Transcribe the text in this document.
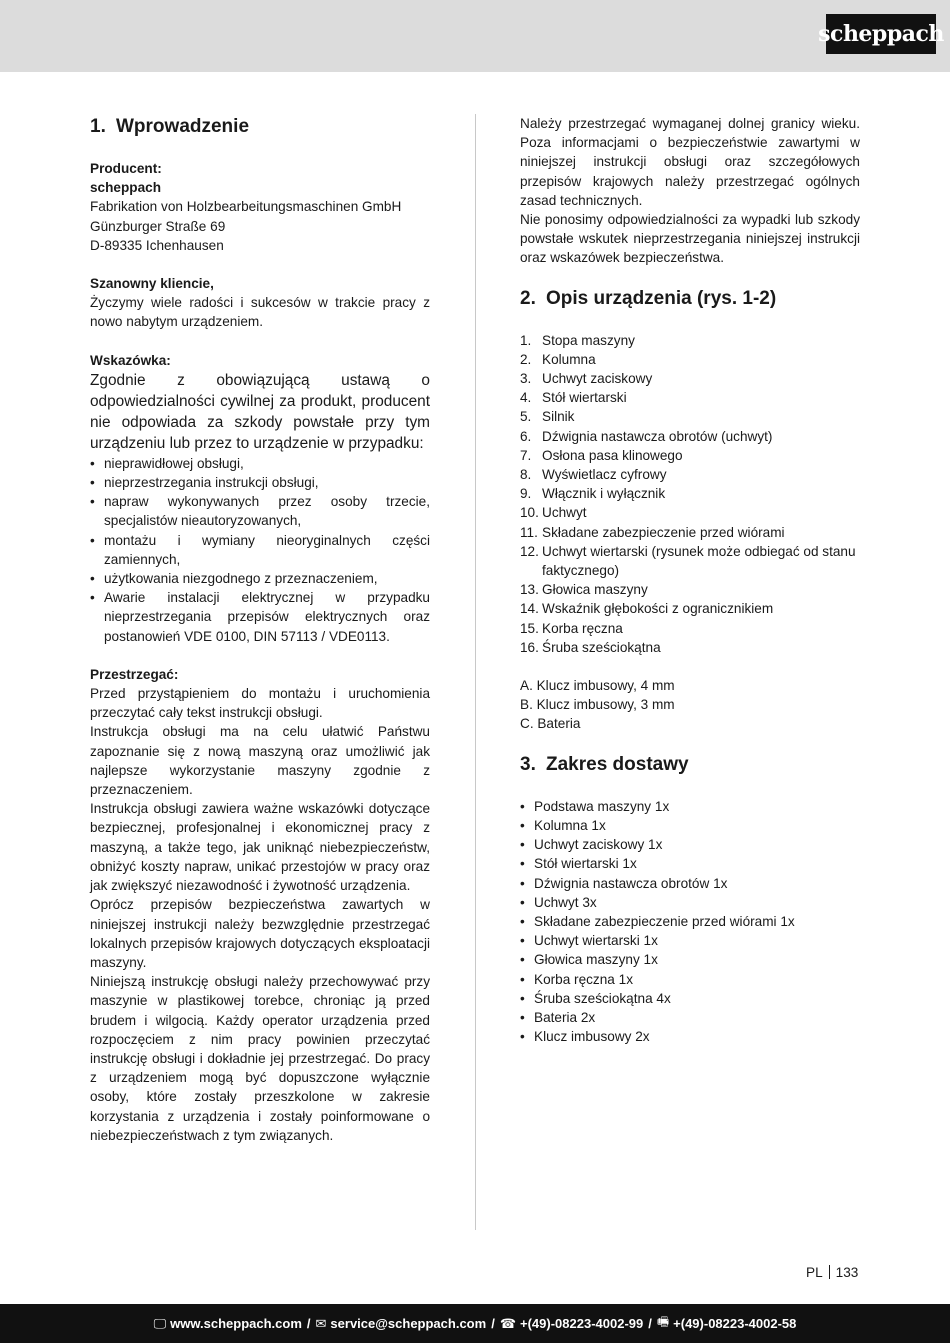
scheppach
1. Wprowadzenie

Producent:

scheppach

Fabrikation von Holzbearbeitungsmaschinen GmbH

Günzburger Straße 69

D-89335 Ichenhausen

Szanowny kliencie,

Życzymy wiele radości i sukcesów w trakcie pracy z nowo nabytym urządzeniem.

Wskazówka:

Zgodnie z obowiązującą ustawą o odpowiedzialności cywilnej za produkt, producent nie odpowiada za szkody powstałe przy tym urządzeniu lub przez to urządzenie w przypadku:

• nieprawidłowej obsługi,
• nieprzestrzegania instrukcji obsługi,
• napraw wykonywanych przez osoby trzecie, specjalistów nieautoryzowanych,
• montażu i wymiany nieoryginalnych części zamiennych,
• użytkowania niezgodnego z przeznaczeniem,
• Awarie instalacji elektrycznej w przypadku nieprzestrzegania przepisów elektrycznych oraz postanowień VDE 0100, DIN 57113 / VDE0113.

Przestrzegać:

Przed przystąpieniem do montażu i uruchomienia przeczytać cały tekst instrukcji obsługi.

Instrukcja obsługi ma na celu ułatwić Państwu zapoznanie się z nową maszyną oraz umożliwić jak najlepsze wykorzystanie maszyny zgodnie z przeznaczeniem.

Instrukcja obsługi zawiera ważne wskazówki dotyczące bezpiecznej, profesjonalnej i ekonomicznej pracy z maszyną, a także tego, jak uniknąć niebezpieczeństw, obniżyć koszty napraw, unikać przestojów w pracy oraz jak zwiększyć niezawodność i żywotność urządzenia.

Oprócz przepisów bezpieczeństwa zawartych w niniejszej instrukcji należy bezwzględnie przestrzegać lokalnych przepisów krajowych dotyczących eksploatacji maszyny.

Niniejszą instrukcję obsługi należy przechowywać przy maszynie w plastikowej torebce, chroniąc ją przed brudem i wilgocią. Każdy operator urządzenia przed rozpoczęciem z nim pracy powinien przeczytać instrukcję obsługi i dokładnie jej przestrzegać. Do pracy z urządzeniem mogą być dopuszczone wyłącznie osoby, które zostały przeszkolone w zakresie korzystania z urządzenia i zostały poinformowane o niebezpieczeństwach z tym związanych.

Należy przestrzegać wymaganej dolnej granicy wieku. Poza informacjami o bezpieczeństwie zawartymi w niniejszej instrukcji obsługi oraz szczegółowych przepisów krajowych należy przestrzegać ogólnych zasad technicznych.

Nie ponosimy odpowiedzialności za wypadki lub szkody powstałe wskutek nieprzestrzegania niniejszej instrukcji oraz wskazówek bezpieczeństwa.

2. Opis urządzenia (rys. 1-2)
1. Stopa maszyny
2. Kolumna
3. Uchwyt zaciskowy
4. Stół wiertarski
5. Silnik
6. Dźwignia nastawcza obrotów (uchwyt)
7. Osłona pasa klinowego
8. Wyświetlacz cyfrowy
9. Włącznik i wyłącznik
10. Uchwyt
11. Składane zabezpieczenie przed wiórami
12. Uchwyt wiertarski (rysunek może odbiegać od stanu faktycznego)
13. Głowica maszyny
14. Wskaźnik głębokości z ogranicznikiem
15. Korba ręczna
16. Śruba sześciokątna

A. Klucz imbusowy, 4 mm

B. Klucz imbusowy, 3 mm

C. Bateria

3. Zakres dostawy
• Podstawa maszyny 1x
• Kolumna 1x
• Uchwyt zaciskowy 1x
• Stół wiertarski 1x
• Dźwignia nastawcza obrotów 1x
• Uchwyt 3x
• Składane zabezpieczenie przed wiórami 1x
• Uchwyt wiertarski 1x
• Głowica maszyny 1x
• Korba ręczna 1x
• Śruba sześciokątna 4x
• Bateria 2x
• Klucz imbusowy 2x
PL 133
🖵 www.scheppach.com / ✉ service@scheppach.com / ☎ +(49)-08223-4002-99 / 🖷 +(49)-08223-4002-58
